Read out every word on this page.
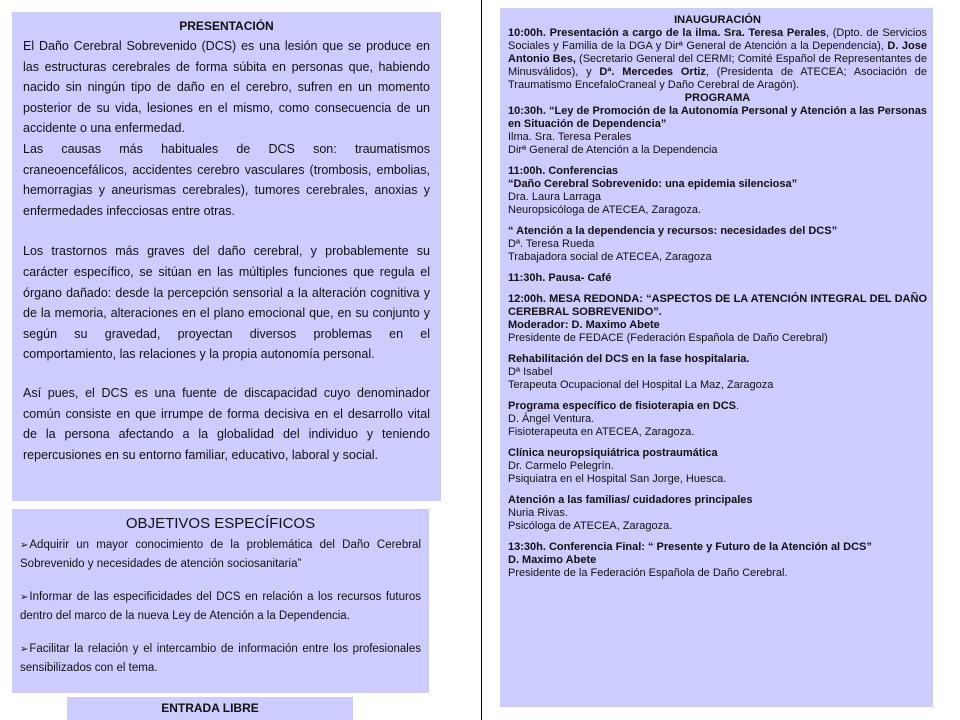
PRESENTACIÓN

El Daño Cerebral Sobrevenido (DCS) es una lesión que se produce en las estructuras cerebrales de forma súbita en personas que, habiendo nacido sin ningún tipo de daño en el cerebro, sufren en un momento posterior de su vida, lesiones en el mismo, como consecuencia de un accidente o una enfermedad.

Las causas más habituales de DCS son: traumatismos craneoencefálicos, accidentes cerebro vasculares (trombosis, embolias, hemorragias y aneurismas cerebrales), tumores cerebrales, anoxias y enfermedades infecciosas entre otras.

Los trastornos más graves del daño cerebral, y probablemente su carácter específico, se sitúan en las múltiples funciones que regula el órgano dañado: desde la percepción sensorial a la alteración cognitiva y de la memoria, alteraciones en el plano emocional que, en su conjunto y según su gravedad, proyectan diversos problemas en el comportamiento, las relaciones y la propia autonomía personal.

Así pues, el DCS es una fuente de discapacidad cuyo denominador común consiste en que irrumpe de forma decisiva en el desarrollo vital de la persona afectando a la globalidad del individuo y teniendo repercusiones en su entorno familiar, educativo, laboral y social.

OBJETIVOS ESPECÍFICOS
➢Adquirir un mayor conocimiento de la problemática del Daño Cerebral Sobrevenido y necesidades de atención sociosanitaria”
➢Informar de las especificidades del DCS en relación a los recursos futuros dentro del marco de la nueva Ley de Atención a la Dependencia.
➢Facilitar la relación y el intercambio de información entre los profesionales sensibilizados con el tema.
ENTRADA LIBRE
INAUGURACIÓN
10:00h. Presentación a cargo de la ilma. Sra. Teresa Perales, (Dpto. de Servicios Sociales y Familia de la DGA y Dirª General de Atención a la Dependencia), D. Jose Antonio Bes, (Secretario General del CERMI; Comité Español de Representantes de Minusválidos), y Dª. Mercedes Ortiz, (Presidenta de ATECEA; Asociación de Traumatismo EncefaloCraneal y Daño Cerebral de Aragón).
PROGRAMA
10:30h. “Ley de Promoción de la Autonomía Personal y Atención a las Personas en Situación de Dependencia”
Ilma. Sra. Teresa Perales
Dirª General de Atención a la Dependencia
11:00h. Conferencias
“Daño Cerebral Sobrevenido: una epidemia silenciosa”
Dra. Laura Larraga
Neuropsicóloga de ATECEA, Zaragoza.
“ Atención a la dependencia y recursos: necesidades del DCS”
Dª. Teresa Rueda
Trabajadora social de ATECEA, Zaragoza
11:30h. Pausa- Café
12:00h. MESA REDONDA: “ASPECTOS DE LA ATENCIÓN INTEGRAL DEL DAÑO CEREBRAL SOBREVENIDO”.
Moderador: D. Maximo Abete
Presidente de FEDACE (Federación Española de Daño Cerebral)
Rehabilitación del DCS en la fase hospitalaria.
Dª Isabel
Terapeuta Ocupacional del Hospital La Maz, Zaragoza
Programa específico de fisioterapia en DCS.
D. Ángel Ventura.
Fisioterapeuta en ATECEA, Zaragoza.
Clínica neuropsiquiátrica postraumática
Dr. Carmelo Pelegrín.
Psiquiatra en el Hospital San Jorge, Huesca.
Atención a las familias/ cuidadores principales
Nuria Rivas.
Psicóloga de ATECEA, Zaragoza.
13:30h. Conferencia Final: “ Presente y Futuro de la Atención al DCS”
D. Maximo Abete
Presidente de la Federación Española de Daño Cerebral.
